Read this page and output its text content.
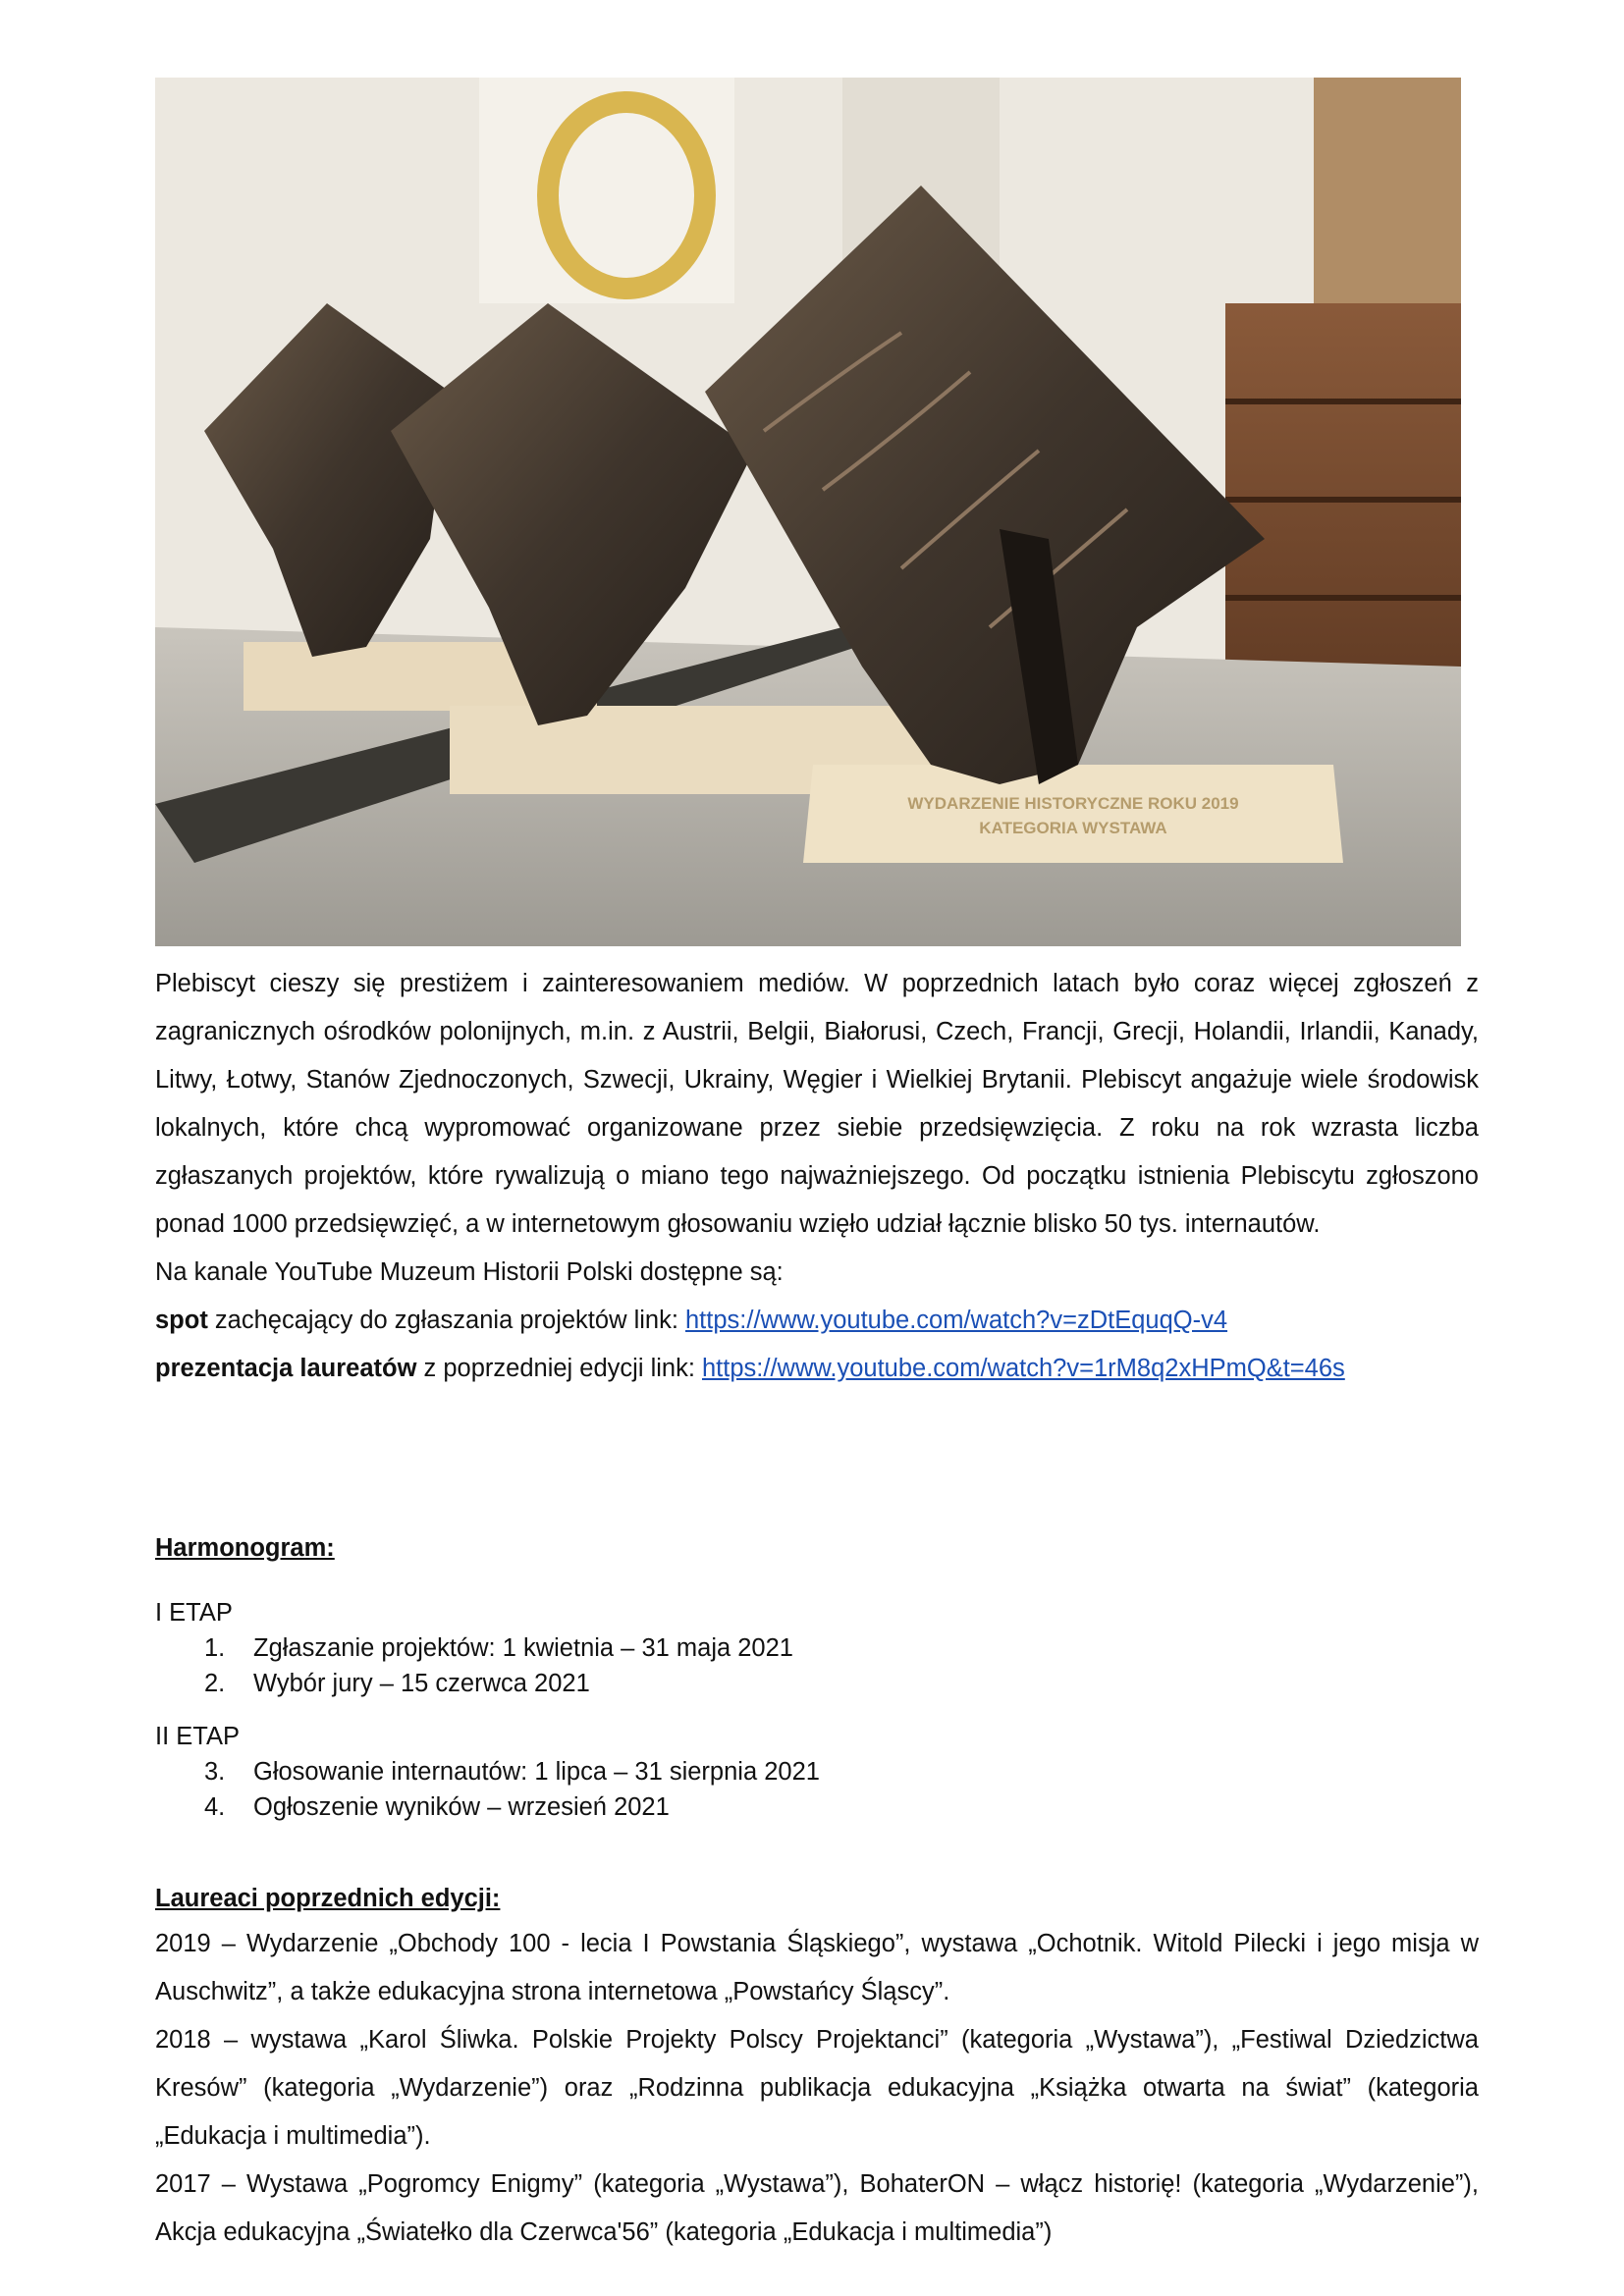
WYDARZENIE HISTORYCZNE ROKU 2019
KATEGORIA WYSTAWA

Plebiscyt cieszy się prestiżem i zainteresowaniem mediów. W poprzednich latach było coraz więcej zgłoszeń z zagranicznych ośrodków polonijnych, m.in. z Austrii, Belgii, Białorusi, Czech, Francji, Grecji, Holandii, Irlandii, Kanady, Litwy, Łotwy, Stanów Zjednoczonych, Szwecji, Ukrainy, Węgier i Wielkiej Brytanii. Plebiscyt angażuje wiele środowisk lokalnych, które chcą wypromować organizowane przez siebie przedsięwzięcia. Z roku na rok wzrasta liczba zgłaszanych projektów, które rywalizują o miano tego najważniejszego. Od początku istnienia Plebiscytu zgłoszono ponad 1000 przedsięwzięć, a w internetowym głosowaniu wzięło udział łącznie blisko 50 tys. internautów.

Na kanale YouTube Muzeum Historii Polski dostępne są:

spot zachęcający do zgłaszania projektów link: https://www.youtube.com/watch?v=zDtEquqQ-v4

prezentacja laureatów z poprzedniej edycji link: https://www.youtube.com/watch?v=1rM8q2xHPmQ&t=46s

Harmonogram:

I ETAP

1.	Zgłaszanie projektów: 1 kwietnia – 31 maja 2021
2.	Wybór jury – 15 czerwca 2021

II ETAP

3.	Głosowanie internautów: 1 lipca – 31 sierpnia 2021
4.	Ogłoszenie wyników – wrzesień 2021

Laureaci poprzednich edycji:

2019 – Wydarzenie „Obchody 100 - lecia I Powstania Śląskiego”, wystawa „Ochotnik. Witold Pilecki i jego misja w Auschwitz”, a także edukacyjna strona internetowa „Powstańcy Śląscy”.

2018 – wystawa „Karol Śliwka. Polskie Projekty Polscy Projektanci” (kategoria „Wystawa”), „Festiwal Dziedzictwa Kresów” (kategoria „Wydarzenie”) oraz „Rodzinna publikacja edukacyjna „Książka otwarta na świat” (kategoria „Edukacja i multimedia”).

2017 – Wystawa „Pogromcy Enigmy” (kategoria „Wystawa”), BohaterON – włącz historię! (kategoria „Wydarzenie”), Akcja edukacyjna „Światełko dla Czerwca'56” (kategoria „Edukacja i multimedia”)
